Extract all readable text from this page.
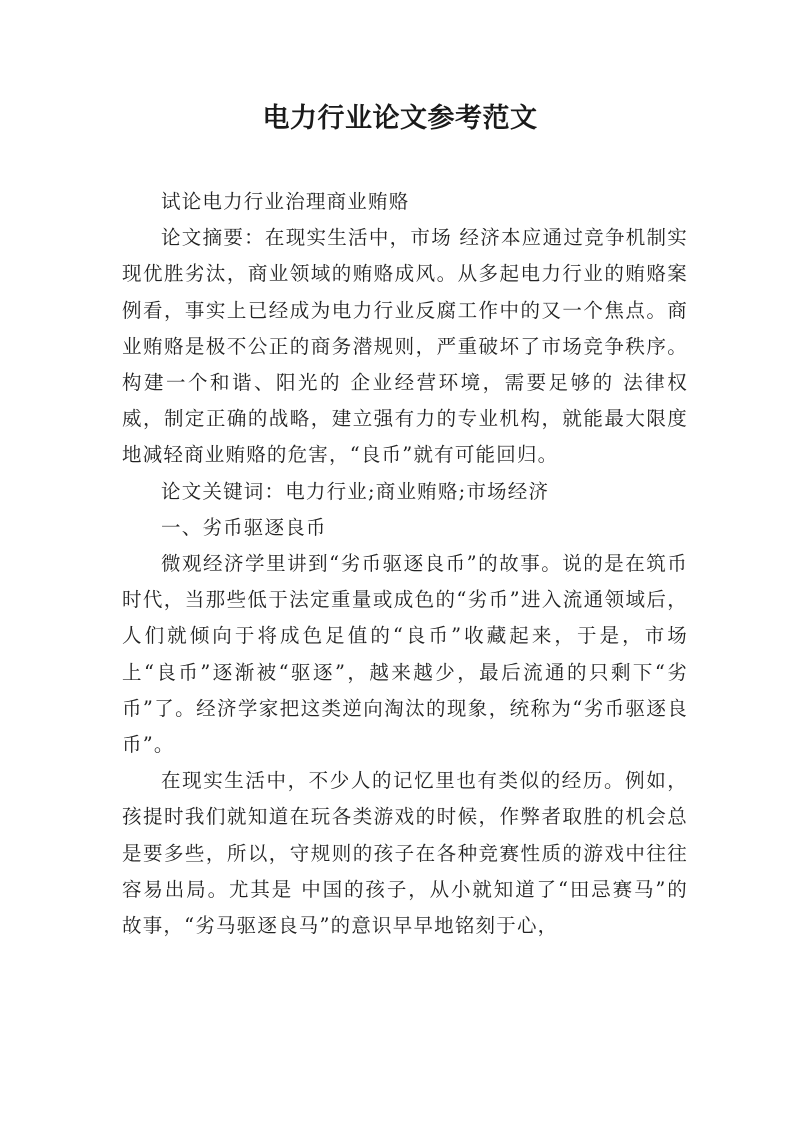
电力行业论文参考范文

试论电力行业治理商业贿赂

论文摘要：在现实生活中，市场 经济本应通过竞争机制实现优胜劣汰，商业领域的贿赂成风。从多起电力行业的贿赂案例看，事实上已经成为电力行业反腐工作中的又一个焦点。商业贿赂是极不公正的商务潜规则，严重破坏了市场竞争秩序。构建一个和谐、阳光的 企业经营环境，需要足够的 法律权威，制定正确的战略，建立强有力的专业机构，就能最大限度地减轻商业贿赂的危害，“良币”就有可能回归。

论文关键词：电力行业;商业贿赂;市场经济

一、劣币驱逐良币

微观经济学里讲到“劣币驱逐良币”的故事。说的是在筑币时代，当那些低于法定重量或成色的“劣币”进入流通领域后，人们就倾向于将成色足值的“良币”收藏起来，于是，市场上“良币”逐渐被“驱逐”，越来越少，最后流通的只剩下“劣币”了。经济学家把这类逆向淘汰的现象，统称为“劣币驱逐良币”。

在现实生活中，不少人的记忆里也有类似的经历。例如，孩提时我们就知道在玩各类游戏的时候，作弊者取胜的机会总是要多些，所以，守规则的孩子在各种竞赛性质的游戏中往往容易出局。尤其是 中国的孩子，从小就知道了“田忌赛马”的故事，“劣马驱逐良马”的意识早早地铭刻于心，
